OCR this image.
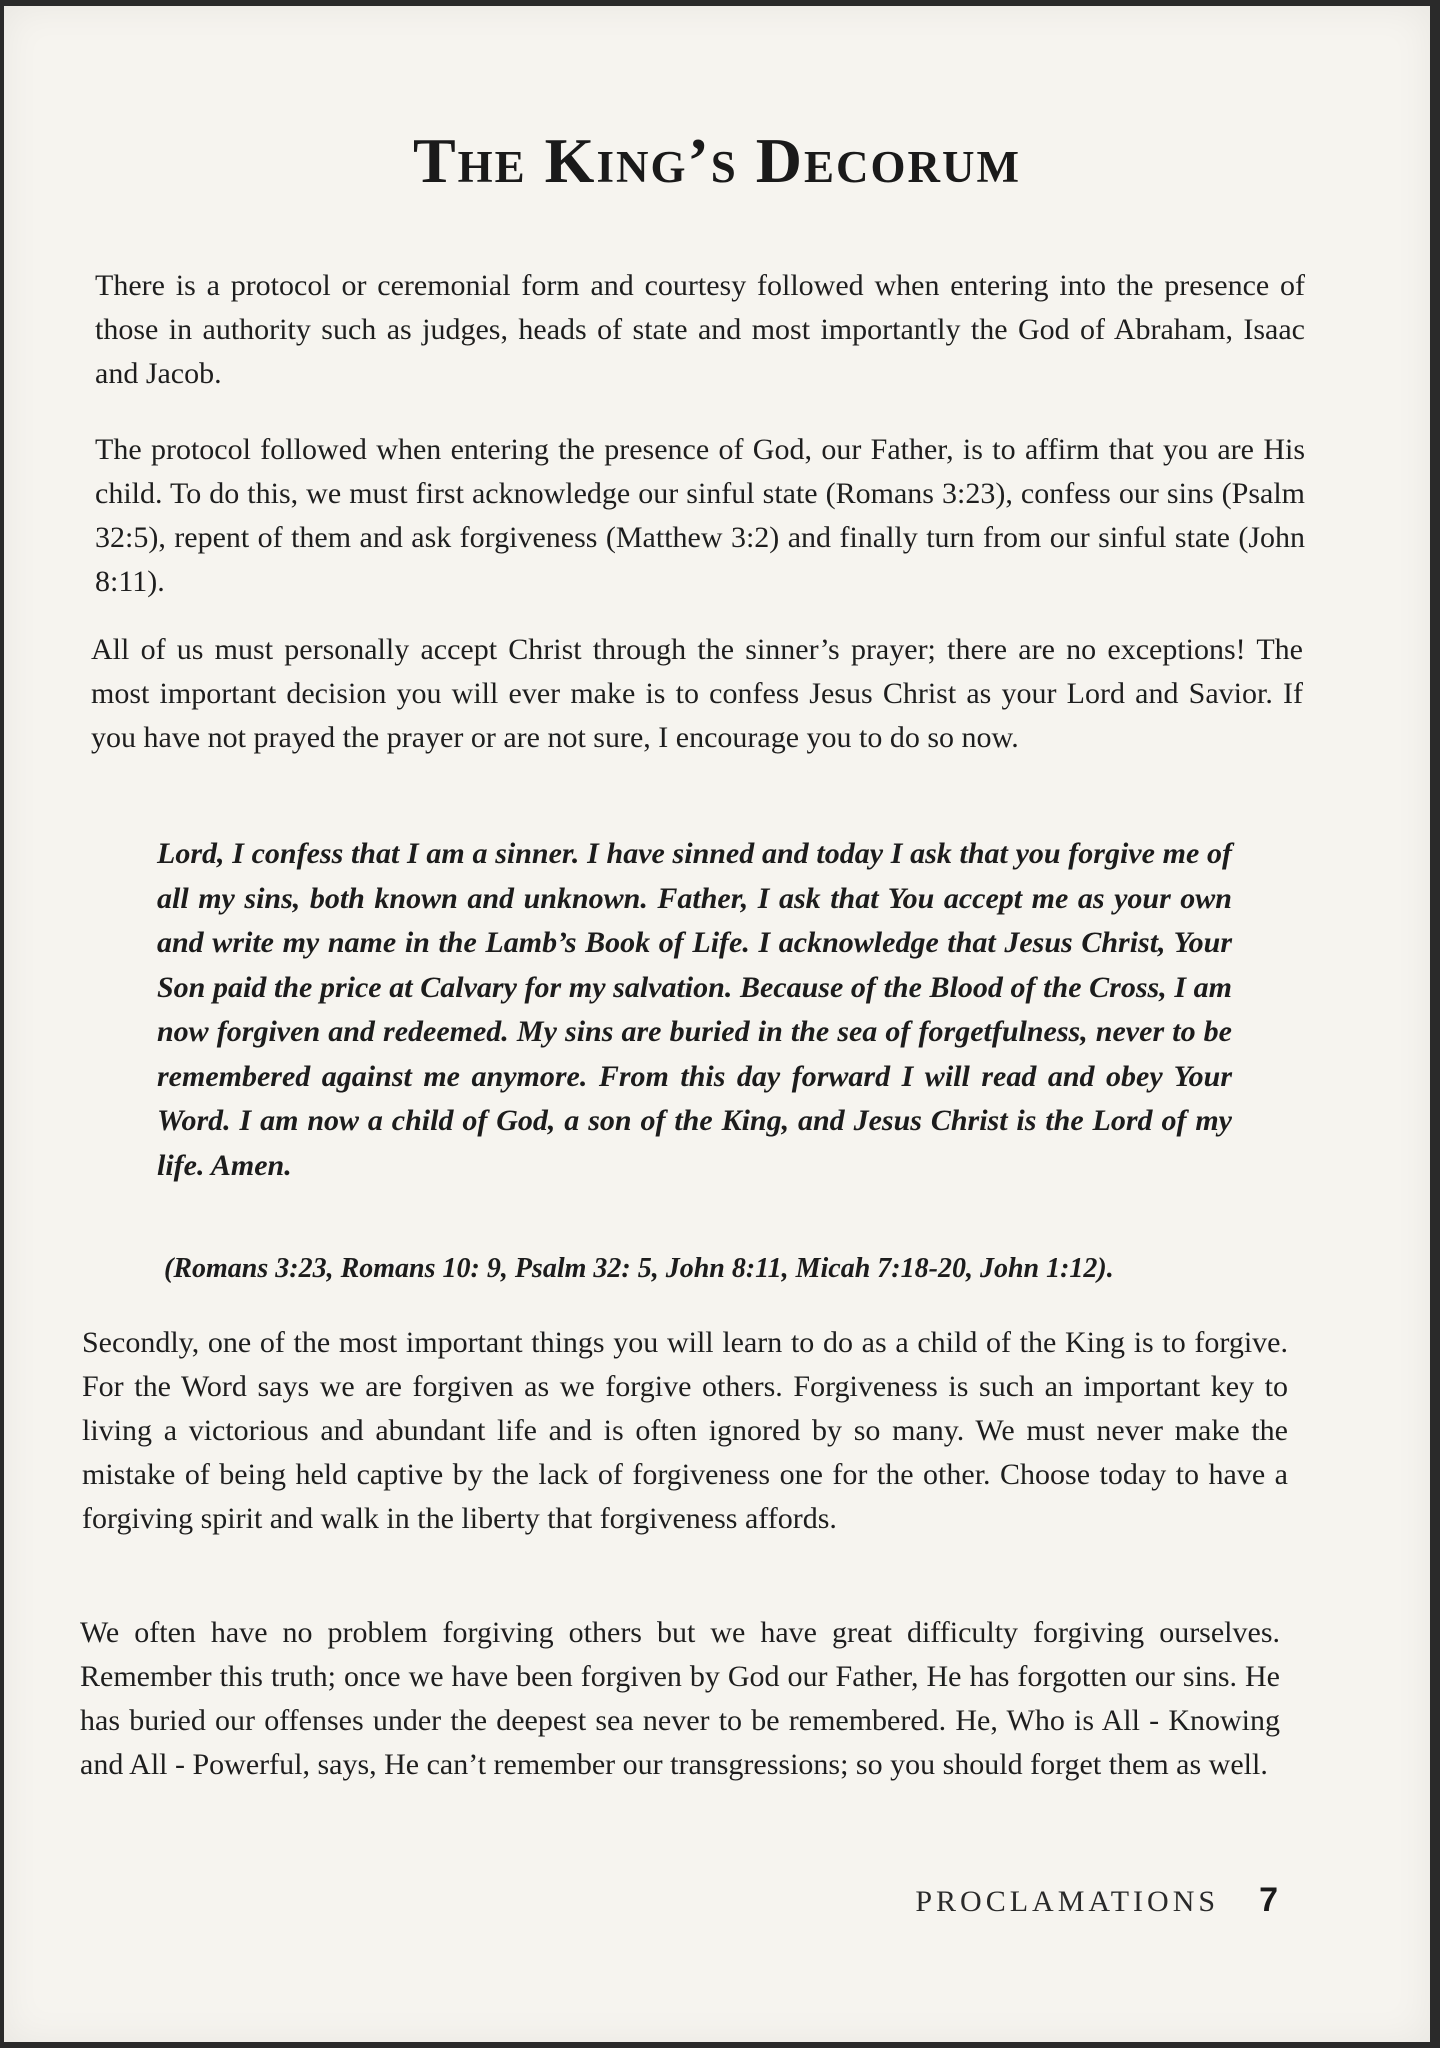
The King’s Decorum

There is a protocol or ceremonial form and courtesy followed when entering into the presence of those in authority such as judges, heads of state and most importantly the God of Abraham, Isaac and Jacob.

The protocol followed when entering the presence of God, our Father, is to affirm that you are His child. To do this, we must first acknowledge our sinful state (Romans 3:23), confess our sins (Psalm 32:5), repent of them and ask forgiveness (Matthew 3:2) and finally turn from our sinful state (John 8:11).

All of us must personally accept Christ through the sinner’s prayer; there are no exceptions! The most important decision you will ever make is to confess Jesus Christ as your Lord and Savior. If you have not prayed the prayer or are not sure, I encourage you to do so now.

Lord, I confess that I am a sinner. I have sinned and today I ask that you forgive me of all my sins, both known and unknown. Father, I ask that You accept me as your own and write my name in the Lamb’s Book of Life. I acknowledge that Jesus Christ, Your Son paid the price at Calvary for my salvation. Because of the Blood of the Cross, I am now forgiven and redeemed. My sins are buried in the sea of forgetfulness, never to be remembered against me anymore. From this day forward I will read and obey Your Word. I am now a child of God, a son of the King, and Jesus Christ is the Lord of my life. Amen.

(Romans 3:23, Romans 10: 9, Psalm 32: 5, John 8:11, Micah 7:18-20, John 1:12).

Secondly, one of the most important things you will learn to do as a child of the King is to forgive. For the Word says we are forgiven as we forgive others. Forgiveness is such an important key to living a victorious and abundant life and is often ignored by so many. We must never make the mistake of being held captive by the lack of forgiveness one for the other. Choose today to have a forgiving spirit and walk in the liberty that forgiveness affords.

We often have no problem forgiving others but we have great difficulty forgiving ourselves. Remember this truth; once we have been forgiven by God our Father, He has forgotten our sins. He has buried our offenses under the deepest sea never to be remembered. He, Who is All - Knowing and All - Powerful, says, He can’t remember our transgressions; so you should forget them as well.

PROCLAMATIONS 7
